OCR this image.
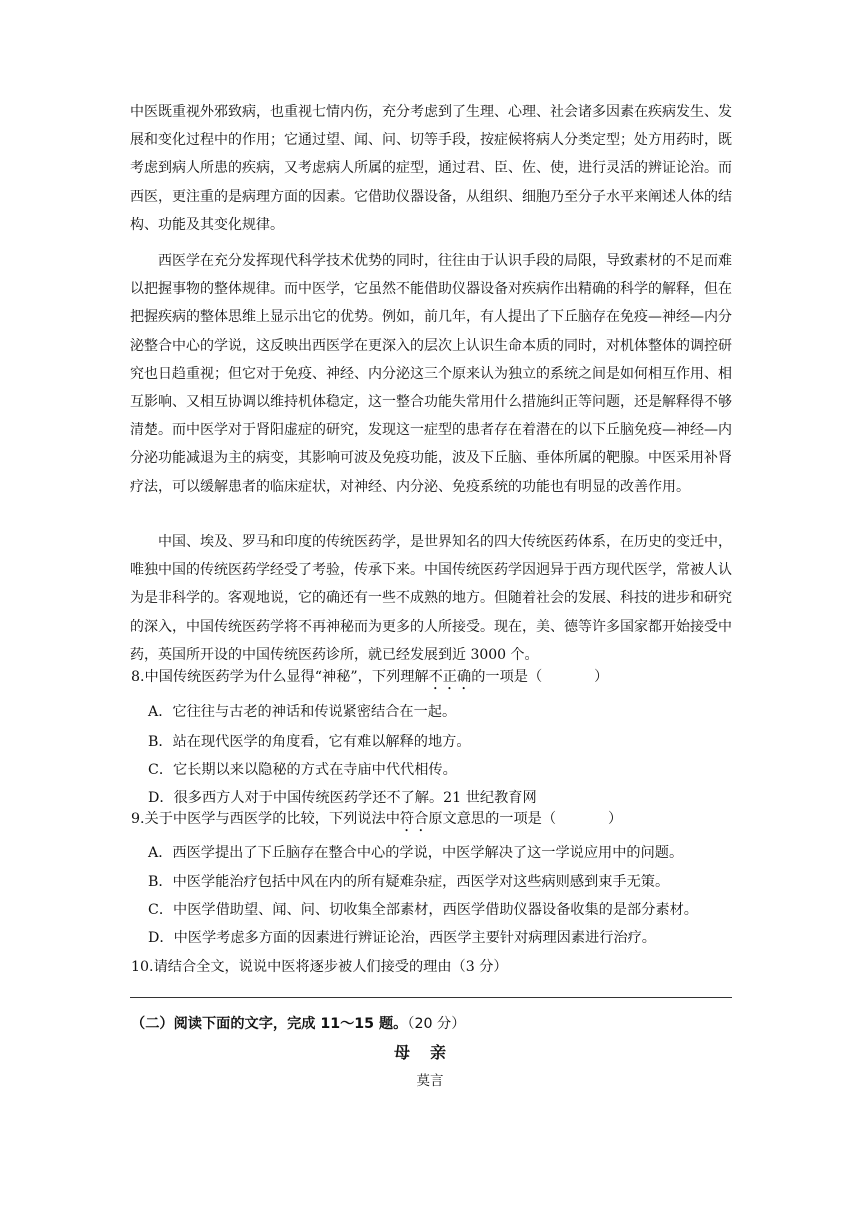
中医既重视外邪致病，也重视七情内伤，充分考虑到了生理、心理、社会诸多因素在疾病发生、发展和变化过程中的作用；它通过望、闻、问、切等手段，按症候将病人分类定型；处方用药时，既考虑到病人所患的疾病，又考虑病人所属的症型，通过君、臣、佐、使，进行灵活的辨证论治。而西医，更注重的是病理方面的因素。它借助仪器设备，从组织、细胞乃至分子水平来阐述人体的结构、功能及其变化规律。

西医学在充分发挥现代科学技术优势的同时，往往由于认识手段的局限，导致素材的不足而难以把握事物的整体规律。而中医学，它虽然不能借助仪器设备对疾病作出精确的科学的解释，但在把握疾病的整体思维上显示出它的优势。例如，前几年，有人提出了下丘脑存在免疫—神经—内分泌整合中心的学说，这反映出西医学在更深入的层次上认识生命本质的同时，对机体整体的调控研究也日趋重视；但它对于免疫、神经、内分泌这三个原来认为独立的系统之间是如何相互作用、相互影响、又相互协调以维持机体稳定，这一整合功能失常用什么措施纠正等问题，还是解释得不够清楚。而中医学对于肾阳虚症的研究，发现这一症型的患者存在着潜在的以下丘脑免疫—神经—内分泌功能减退为主的病变，其影响可波及免疫功能，波及下丘脑、垂体所属的靶腺。中医采用补肾疗法，可以缓解患者的临床症状，对神经、内分泌、免疫系统的功能也有明显的改善作用。

中国、埃及、罗马和印度的传统医药学，是世界知名的四大传统医药体系，在历史的变迁中，唯独中国的传统医药学经受了考验，传承下来。中国传统医药学因迥异于西方现代医学，常被人认为是非科学的。客观地说，它的确还有一些不成熟的地方。但随着社会的发展、科技的进步和研究的深入，中国传统医药学将不再神秘而为更多的人所接受。现在，美、德等许多国家都开始接受中药，英国所开设的中国传统医药诊所，就已经发展到近 3000 个。

8.中国传统医药学为什么显得“神秘”，下列理解不正确的一项是（	）

A．它往往与古老的神话和传说紧密结合在一起。

B．站在现代医学的角度看，它有难以解释的地方。

C．它长期以来以隐秘的方式在寺庙中代代相传。

D．很多西方人对于中国传统医药学还不了解。21 世纪教育网

9.关于中医学与西医学的比较，下列说法中符合原文意思的一项是（	）

A．西医学提出了下丘脑存在整合中心的学说，中医学解决了这一学说应用中的问题。

B．中医学能治疗包括中风在内的所有疑难杂症，西医学对这些病则感到束手无策。

C．中医学借助望、闻、问、切收集全部素材，西医学借助仪器设备收集的是部分素材。

D．中医学考虑多方面的因素进行辨证论治，西医学主要针对病理因素进行治疗。

10.请结合全文，说说中医将逐步被人们接受的理由（3 分）

（二）阅读下面的文字，完成 11～15 题。（20 分）

母亲

莫言
